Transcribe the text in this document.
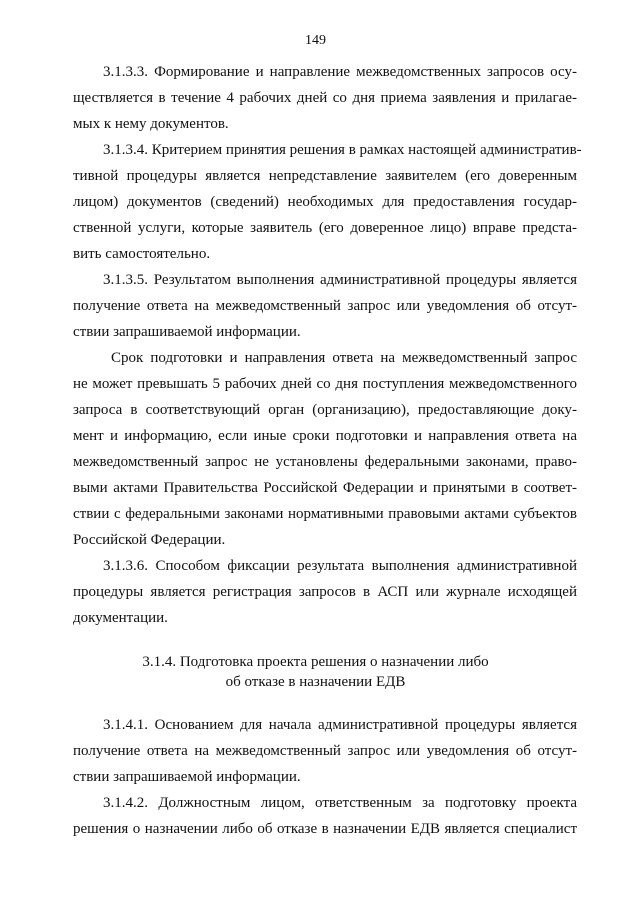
149
3.1.3.3. Формирование и направление межведомственных запросов осу-
ществляется в течение 4 рабочих дней со дня приема заявления и прилагае-
мых к нему документов.
3.1.3.4. Критерием принятия решения в рамках настоящей административ-
тивной процедуры является непредставление заявителем (его доверенным
лицом) документов (сведений) необходимых для предоставления государ-
ственной услуги, которые заявитель (его доверенное лицо) вправе предста-
вить самостоятельно.
3.1.3.5. Результатом выполнения административной процедуры является
получение ответа на межведомственный запрос или уведомления об отсут-
ствии запрашиваемой информации.
Срок подготовки и направления ответа на межведомственный запрос
не может превышать 5 рабочих дней со дня поступления межведомственного
запроса в соответствующий орган (организацию), предоставляющие доку-
мент и информацию, если иные сроки подготовки и направления ответа на
межведомственный запрос не установлены федеральными законами, право-
выми актами Правительства Российской Федерации и принятыми в соответ-
ствии с федеральными законами нормативными правовыми актами субъектов
Российской Федерации.
3.1.3.6. Способом фиксации результата выполнения административной
процедуры является регистрация запросов в АСП или журнале исходящей
документации.
3.1.4. Подготовка проекта решения о назначении либо
об отказе в назначении ЕДВ
3.1.4.1. Основанием для начала административной процедуры является
получение ответа на межведомственный запрос или уведомления об отсут-
ствии запрашиваемой информации.
3.1.4.2. Должностным лицом, ответственным за подготовку проекта
решения о назначении либо об отказе в назначении ЕДВ является специалист
